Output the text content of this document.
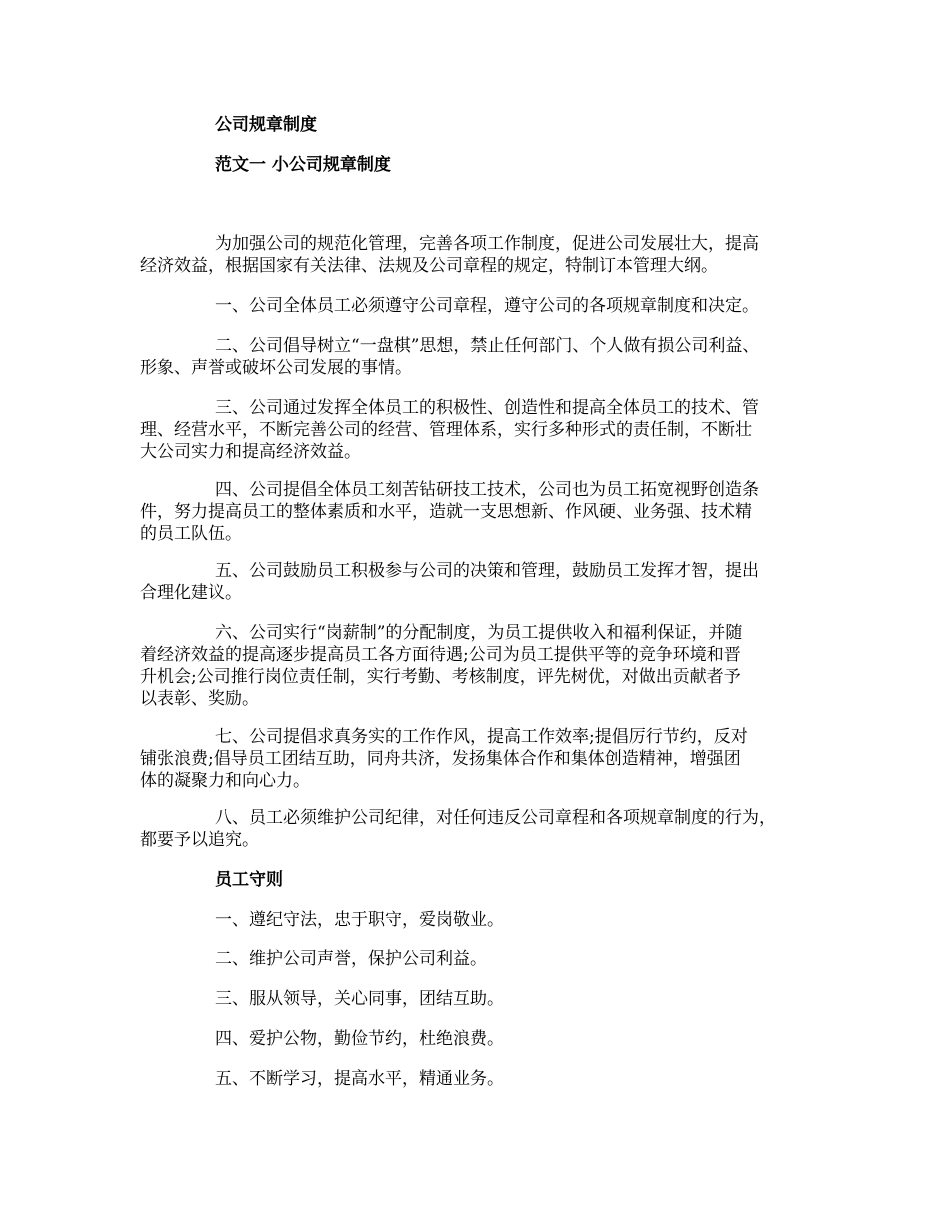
公司规章制度
范文一 小公司规章制度

为加强公司的规范化管理，完善各项工作制度，促进公司发展壮大，提高
经济效益，根据国家有关法律、法规及公司章程的规定，特制订本管理大纲。

一、公司全体员工必须遵守公司章程，遵守公司的各项规章制度和决定。

二、公司倡导树立“一盘棋”思想，禁止任何部门、个人做有损公司利益、
形象、声誉或破坏公司发展的事情。

三、公司通过发挥全体员工的积极性、创造性和提高全体员工的技术、管
理、经营水平，不断完善公司的经营、管理体系，实行多种形式的责任制，不断壮
大公司实力和提高经济效益。

四、公司提倡全体员工刻苦钻研技工技术，公司也为员工拓宽视野创造条
件，努力提高员工的整体素质和水平，造就一支思想新、作风硬、业务强、技术精
的员工队伍。

五、公司鼓励员工积极参与公司的决策和管理，鼓励员工发挥才智，提出
合理化建议。

六、公司实行“岗薪制”的分配制度，为员工提供收入和福利保证，并随
着经济效益的提高逐步提高员工各方面待遇;公司为员工提供平等的竞争环境和晋
升机会;公司推行岗位责任制，实行考勤、考核制度，评先树优，对做出贡献者予
以表彰、奖励。

七、公司提倡求真务实的工作作风，提高工作效率;提倡厉行节约，反对
铺张浪费;倡导员工团结互助，同舟共济，发扬集体合作和集体创造精神，增强团
体的凝聚力和向心力。

八、员工必须维护公司纪律，对任何违反公司章程和各项规章制度的行为，
都要予以追究。

员工守则

一、遵纪守法，忠于职守，爱岗敬业。

二、维护公司声誉，保护公司利益。

三、服从领导，关心同事，团结互助。

四、爱护公物，勤俭节约，杜绝浪费。

五、不断学习，提高水平，精通业务。
